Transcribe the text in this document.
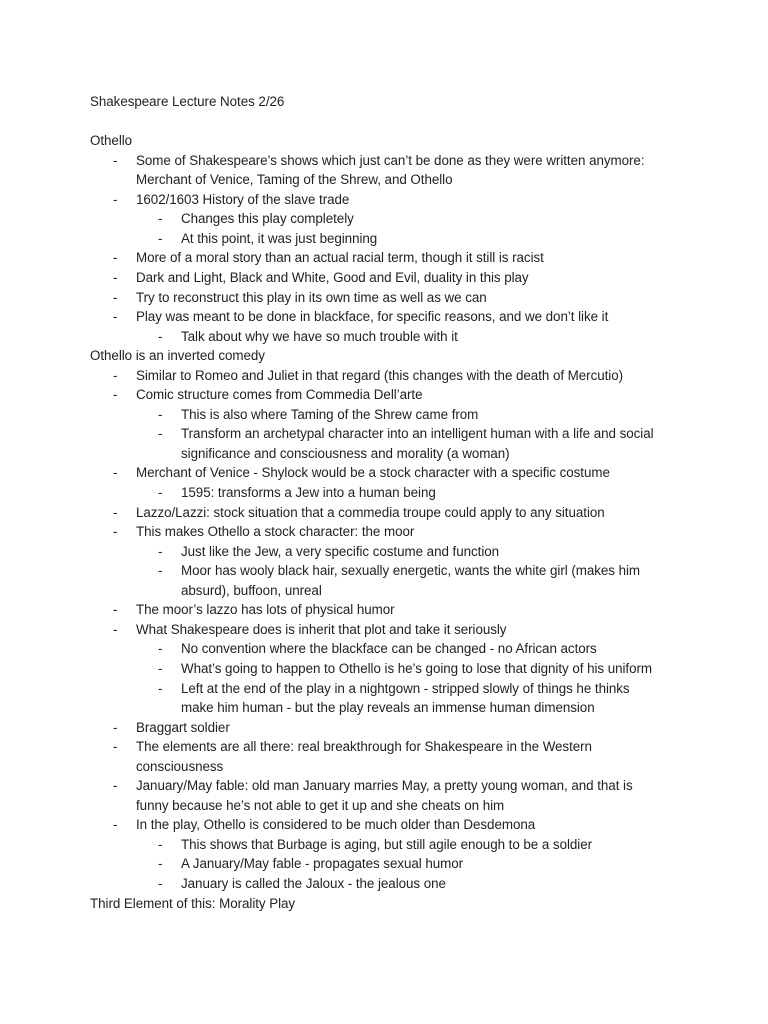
Shakespeare Lecture Notes 2/26
Othello
- Some of Shakespeare’s shows which just can’t be done as they were written anymore:
Merchant of Venice, Taming of the Shrew, and Othello
- 1602/1603 History of the slave trade
- Changes this play completely
- At this point, it was just beginning
- More of a moral story than an actual racial term, though it still is racist
- Dark and Light, Black and White, Good and Evil, duality in this play
- Try to reconstruct this play in its own time as well as we can
- Play was meant to be done in blackface, for specific reasons, and we don’t like it
- Talk about why we have so much trouble with it
Othello is an inverted comedy
- Similar to Romeo and Juliet in that regard (this changes with the death of Mercutio)
- Comic structure comes from Commedia Dell’arte
- This is also where Taming of the Shrew came from
- Transform an archetypal character into an intelligent human with a life and social
significance and consciousness and morality (a woman)
- Merchant of Venice - Shylock would be a stock character with a specific costume
- 1595: transforms a Jew into a human being
- Lazzo/Lazzi: stock situation that a commedia troupe could apply to any situation
- This makes Othello a stock character: the moor
- Just like the Jew, a very specific costume and function
- Moor has wooly black hair, sexually energetic, wants the white girl (makes him
absurd), buffoon, unreal
- The moor’s lazzo has lots of physical humor
- What Shakespeare does is inherit that plot and take it seriously
- No convention where the blackface can be changed - no African actors
- What’s going to happen to Othello is he’s going to lose that dignity of his uniform
- Left at the end of the play in a nightgown - stripped slowly of things he thinks
make him human - but the play reveals an immense human dimension
- Braggart soldier
- The elements are all there: real breakthrough for Shakespeare in the Western
consciousness
- January/May fable: old man January marries May, a pretty young woman, and that is
funny because he’s not able to get it up and she cheats on him
- In the play, Othello is considered to be much older than Desdemona
- This shows that Burbage is aging, but still agile enough to be a soldier
- A January/May fable - propagates sexual humor
- January is called the Jaloux - the jealous one
Third Element of this: Morality Play
